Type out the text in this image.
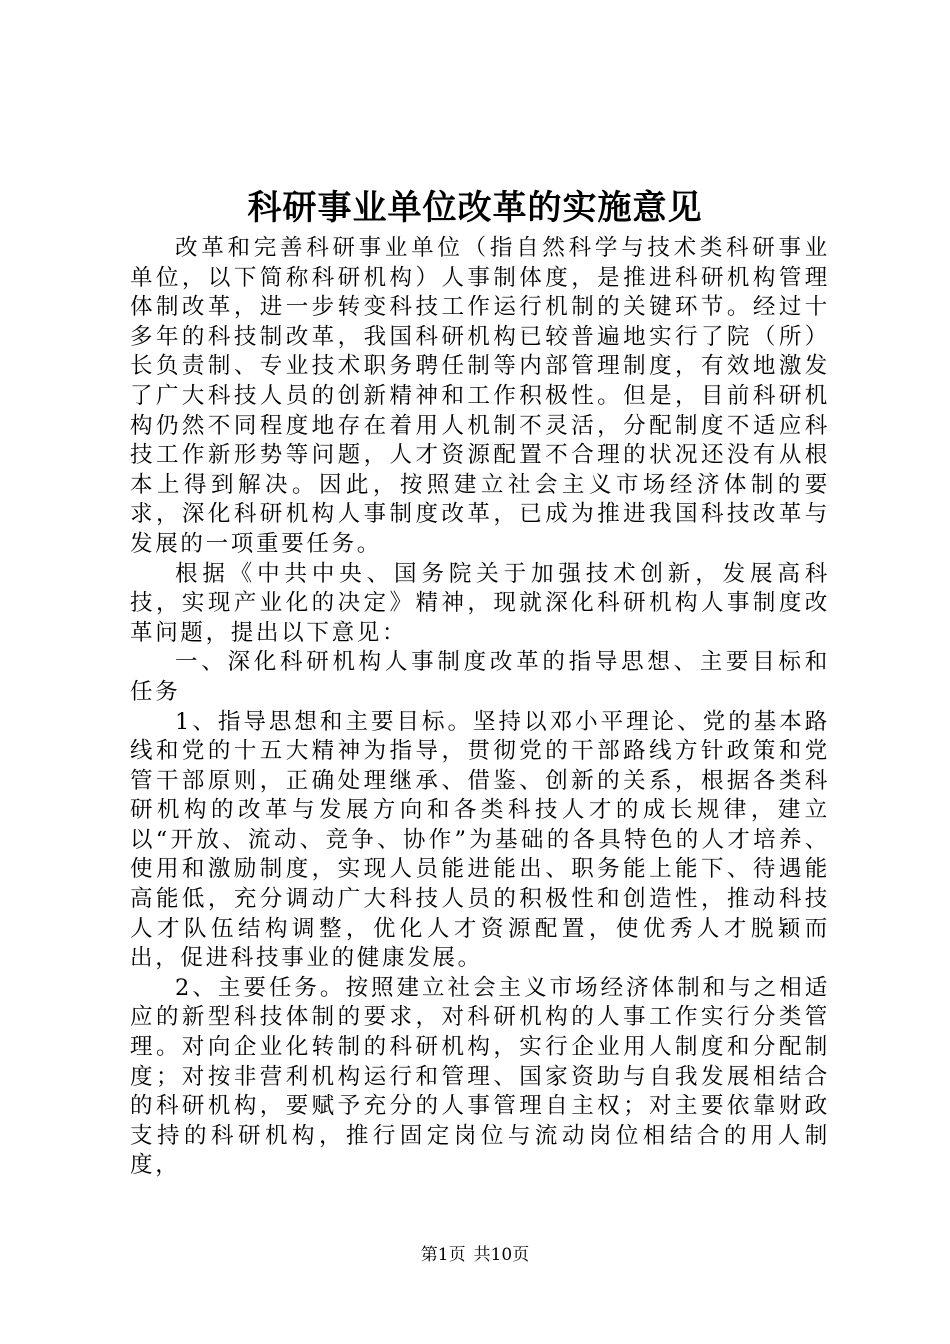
科研事业单位改革的实施意见

改革和完善科研事业单位（指自然科学与技术类科研事业单位，以下简称科研机构）人事制体度，是推进科研机构管理体制改革，进一步转变科技工作运行机制的关键环节。经过十多年的科技制改革，我国科研机构已较普遍地实行了院（所）长负责制、专业技术职务聘任制等内部管理制度，有效地激发了广大科技人员的创新精神和工作积极性。但是，目前科研机构仍然不同程度地存在着用人机制不灵活，分配制度不适应科技工作新形势等问题，人才资源配置不合理的状况还没有从根本上得到解决。因此，按照建立社会主义市场经济体制的要求，深化科研机构人事制度改革，已成为推进我国科技改革与发展的一项重要任务。

根据《中共中央、国务院关于加强技术创新，发展高科技，实现产业化的决定》精神，现就深化科研机构人事制度改革问题，提出以下意见：

一、深化科研机构人事制度改革的指导思想、主要目标和任务

1、指导思想和主要目标。坚持以邓小平理论、党的基本路线和党的十五大精神为指导，贯彻党的干部路线方针政策和党管干部原则，正确处理继承、借鉴、创新的关系，根据各类科研机构的改革与发展方向和各类科技人才的成长规律，建立以“开放、流动、竞争、协作”为基础的各具特色的人才培养、使用和激励制度，实现人员能进能出、职务能上能下、待遇能高能低，充分调动广大科技人员的积极性和创造性，推动科技人才队伍结构调整，优化人才资源配置，使优秀人才脱颖而出，促进科技事业的健康发展。

2、主要任务。按照建立社会主义市场经济体制和与之相适应的新型科技体制的要求，对科研机构的人事工作实行分类管理。对向企业化转制的科研机构，实行企业用人制度和分配制度；对按非营利机构运行和管理、国家资助与自我发展相结合的科研机构，要赋予充分的人事管理自主权；对主要依靠财政支持的科研机构，推行固定岗位与流动岗位相结合的用人制度，

第1页 共10页
